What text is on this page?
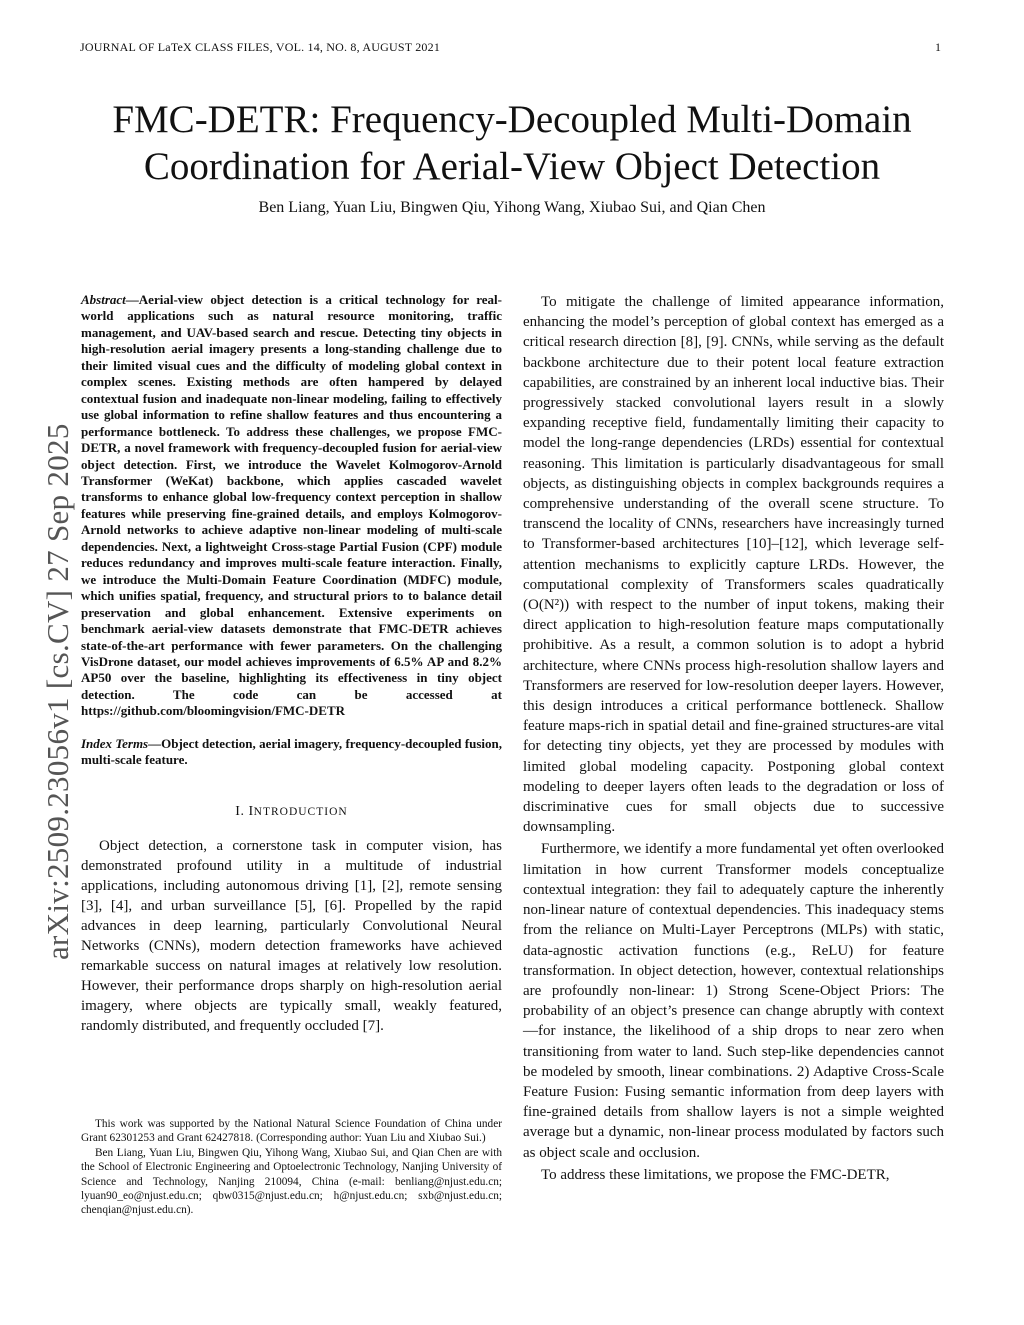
JOURNAL OF LaTeX CLASS FILES, VOL. 14, NO. 8, AUGUST 2021	1
FMC-DETR: Frequency-Decoupled Multi-Domain
Coordination for Aerial-View Object Detection
Ben Liang, Yuan Liu, Bingwen Qiu, Yihong Wang, Xiubao Sui, and Qian Chen
arXiv:2509.23056v1 [cs.CV] 27 Sep 2025

Abstract—Aerial-view object detection is a critical technology for real-world applications such as natural resource monitoring, traffic management, and UAV-based search and rescue. Detecting tiny objects in high-resolution aerial imagery presents a long-standing challenge due to their limited visual cues and the difficulty of modeling global context in complex scenes. Existing methods are often hampered by delayed contextual fusion and inadequate non-linear modeling, failing to effectively use global information to refine shallow features and thus encountering a performance bottleneck. To address these challenges, we propose FMC-DETR, a novel framework with frequency-decoupled fusion for aerial-view object detection. First, we introduce the Wavelet Kolmogorov-Arnold Transformer (WeKat) backbone, which applies cascaded wavelet transforms to enhance global low-frequency context perception in shallow features while preserving fine-grained details, and employs Kolmogorov-Arnold networks to achieve adaptive non-linear modeling of multi-scale dependencies. Next, a lightweight Cross-stage Partial Fusion (CPF) module reduces redundancy and improves multi-scale feature interaction. Finally, we introduce the Multi-Domain Feature Coordination (MDFC) module, which unifies spatial, frequency, and structural priors to to balance detail preservation and global enhancement. Extensive experiments on benchmark aerial-view datasets demonstrate that FMC-DETR achieves state-of-the-art performance with fewer parameters. On the challenging VisDrone dataset, our model achieves improvements of 6.5% AP and 8.2% AP50 over the baseline, highlighting its effectiveness in tiny object detection. The code can be accessed at https://github.com/bloomingvision/FMC-DETR

Index Terms—Object detection, aerial imagery, frequency-decoupled fusion, multi-scale feature.

I. INTRODUCTION

Object detection, a cornerstone task in computer vision, has demonstrated profound utility in a multitude of industrial applications, including autonomous driving [1], [2], remote sensing [3], [4], and urban surveillance [5], [6]. Propelled by the rapid advances in deep learning, particularly Convolutional Neural Networks (CNNs), modern detection frameworks have achieved remarkable success on natural images at relatively low resolution. However, their performance drops sharply on high-resolution aerial imagery, where objects are typically small, weakly featured, randomly distributed, and frequently occluded [7].

This work was supported by the National Natural Science Foundation of China under Grant 62301253 and Grant 62427818. (Corresponding author: Yuan Liu and Xiubao Sui.)

Ben Liang, Yuan Liu, Bingwen Qiu, Yihong Wang, Xiubao Sui, and Qian Chen are with the School of Electronic Engineering and Optoelectronic Technology, Nanjing University of Science and Technology, Nanjing 210094, China (e-mail: benliang@njust.edu.cn; lyuan90_eo@njust.edu.cn; qbw0315@njust.edu.cn; h@njust.edu.cn; sxb@njust.edu.cn; chenqian@njust.edu.cn).

To mitigate the challenge of limited appearance information, enhancing the model’s perception of global context has emerged as a critical research direction [8], [9]. CNNs, while serving as the default backbone architecture due to their potent local feature extraction capabilities, are constrained by an inherent local inductive bias. Their progressively stacked convolutional layers result in a slowly expanding receptive field, fundamentally limiting their capacity to model the long-range dependencies (LRDs) essential for contextual reasoning. This limitation is particularly disadvantageous for small objects, as distinguishing objects in complex backgrounds requires a comprehensive understanding of the overall scene structure. To transcend the locality of CNNs, researchers have increasingly turned to Transformer-based architectures [10]–[12], which leverage self-attention mechanisms to explicitly capture LRDs. However, the computational complexity of Transformers scales quadratically (O(N²)) with respect to the number of input tokens, making their direct application to high-resolution feature maps computationally prohibitive. As a result, a common solution is to adopt a hybrid architecture, where CNNs process high-resolution shallow layers and Transformers are reserved for low-resolution deeper layers. However, this design introduces a critical performance bottleneck. Shallow feature maps-rich in spatial detail and fine-grained structures-are vital for detecting tiny objects, yet they are processed by modules with limited global modeling capacity. Postponing global context modeling to deeper layers often leads to the degradation or loss of discriminative cues for small objects due to successive downsampling.

Furthermore, we identify a more fundamental yet often overlooked limitation in how current Transformer models conceptualize contextual integration: they fail to adequately capture the inherently non-linear nature of contextual dependencies. This inadequacy stems from the reliance on Multi-Layer Perceptrons (MLPs) with static, data-agnostic activation functions (e.g., ReLU) for feature transformation. In object detection, however, contextual relationships are profoundly non-linear: 1) Strong Scene-Object Priors: The probability of an object’s presence can change abruptly with context—for instance, the likelihood of a ship drops to near zero when transitioning from water to land. Such step-like dependencies cannot be modeled by smooth, linear combinations. 2) Adaptive Cross-Scale Feature Fusion: Fusing semantic information from deep layers with fine-grained details from shallow layers is not a simple weighted average but a dynamic, non-linear process modulated by factors such as object scale and occlusion.

To address these limitations, we propose the FMC-DETR,
